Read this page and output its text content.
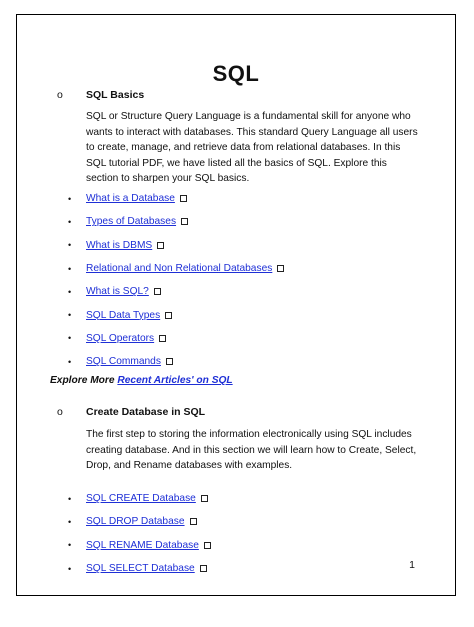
SQL
o SQL Basics

SQL or Structure Query Language is a fundamental skill for anyone who wants to interact with databases. This standard Query Language all users to create, manage, and retrieve data from relational databases. In this SQL tutorial PDF, we have listed all the basics of SQL. Explore this section to sharpen your SQL basics.

•	What is a Database
•	Types of Databases
•	What is DBMS
•	Relational and Non Relational Databases
•	What is SQL?
•	SQL Data Types
•	SQL Operators
•	SQL Commands
Explore More Recent Articles' on SQL
o Create Database in SQL

The first step to storing the information electronically using SQL includes creating database. And in this section we will learn how to Create, Select, Drop, and Rename databases with examples.

•	SQL CREATE Database
•	SQL DROP Database
•	SQL RENAME Database
•	SQL SELECT Database	1
